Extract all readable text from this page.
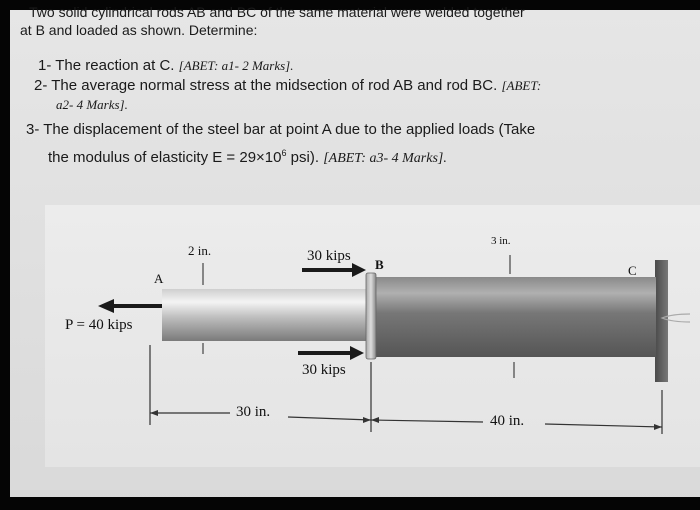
Two solid cylindrical rods AB and BC of the same material were welded together
at B and loaded as shown. Determine:
1- The reaction at C. [ABET: a1- 2 Marks].
2- The average normal stress at the midsection of rod AB and rod BC. [ABET:
a2- 4 Marks].
3- The displacement of the steel bar at point A due to the applied loads (Take
the modulus of elasticity $E = 29\times 10^6$ psi). [ABET: a3- 4 Marks].
A
B	C
P = 40 kips
30 kips
30 kips
2 in.
3 in.
30 in.
40 in.
